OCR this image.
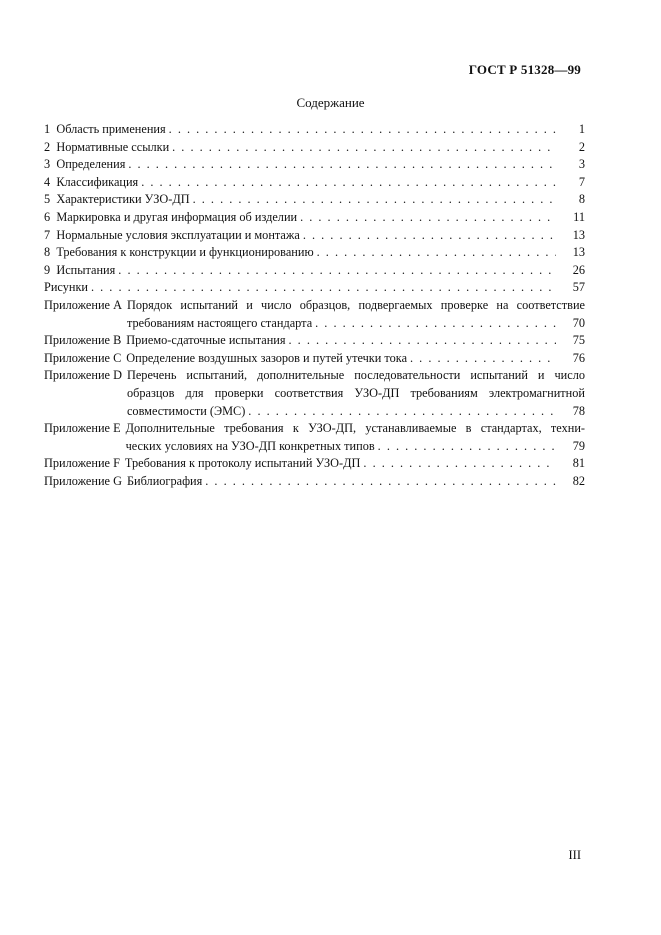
ГОСТ Р 51328—99
Содержание
1 Область применения . . .	1
2 Нормативные ссылки . . .	2
3 Определения . . .	3
4 Классификация . . .	7
5 Характеристики УЗО-ДП . . .	8
6 Маркировка и другая информация об изделии . . .	11
7 Нормальные условия эксплуатации и монтажа . . .	13
8 Требования к конструкции и функционированию . . .	13
9 Испытания . . .	26
Рисунки . . .	57
Приложение А Порядок испытаний и число образцов, подвергаемых проверке на соответствие
требованиям настоящего стандарта . . .	70
Приложение В Приемо-сдаточные испытания . . .	75
Приложение С Определение воздушных зазоров и путей утечки тока . . .	76
Приложение D Перечень испытаний, дополнительные последовательности испытаний и число
образцов для проверки соответствия УЗО-ДП требованиям электромагнитной
совместимости (ЭМС) . . .	78
Приложение Е Дополнительные требования к УЗО-ДП, устанавливаемые в стандартах, техни-
ческих условиях на УЗО-ДП конкретных типов . . .	79
Приложение F Требования к протоколу испытаний УЗО-ДП . . .	81
Приложение G Библиография . . .	82
III
